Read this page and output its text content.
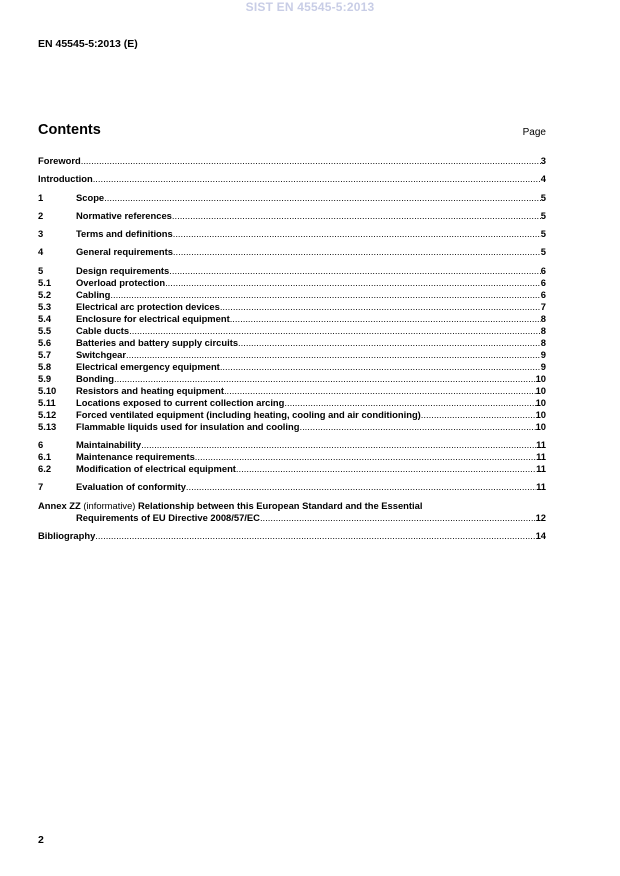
SIST EN 45545-5:2013
EN 45545-5:2013 (E)
Contents	Page
Foreword .....	3
Introduction .....	4
1	Scope .....	5
2	Normative references .....	5
3	Terms and definitions .....	5
4	General requirements .....	5
5	Design requirements .....	6
5.1	Overload protection .....	6
5.2	Cabling .....	6
5.3	Electrical arc protection devices .....	7
5.4	Enclosure for electrical equipment .....	8
5.5	Cable ducts .....	8
5.6	Batteries and battery supply circuits .....	8
5.7	Switchgear .....	9
5.8	Electrical emergency equipment .....	9
5.9	Bonding .....	10
5.10	Resistors and heating equipment .....	10
5.11	Locations exposed to current collection arcing .....	10
5.12	Forced ventilated equipment (including heating, cooling and air conditioning) .....	10
5.13	Flammable liquids used for insulation and cooling .....	10
6	Maintainability .....	11
6.1	Maintenance requirements .....	11
6.2	Modification of electrical equipment .....	11
7	Evaluation of conformity .....	11
Annex ZZ (informative) Relationship between this European Standard and the Essential
Requirements of EU Directive 2008/57/EC .....	12
Bibliography .....	14
2
